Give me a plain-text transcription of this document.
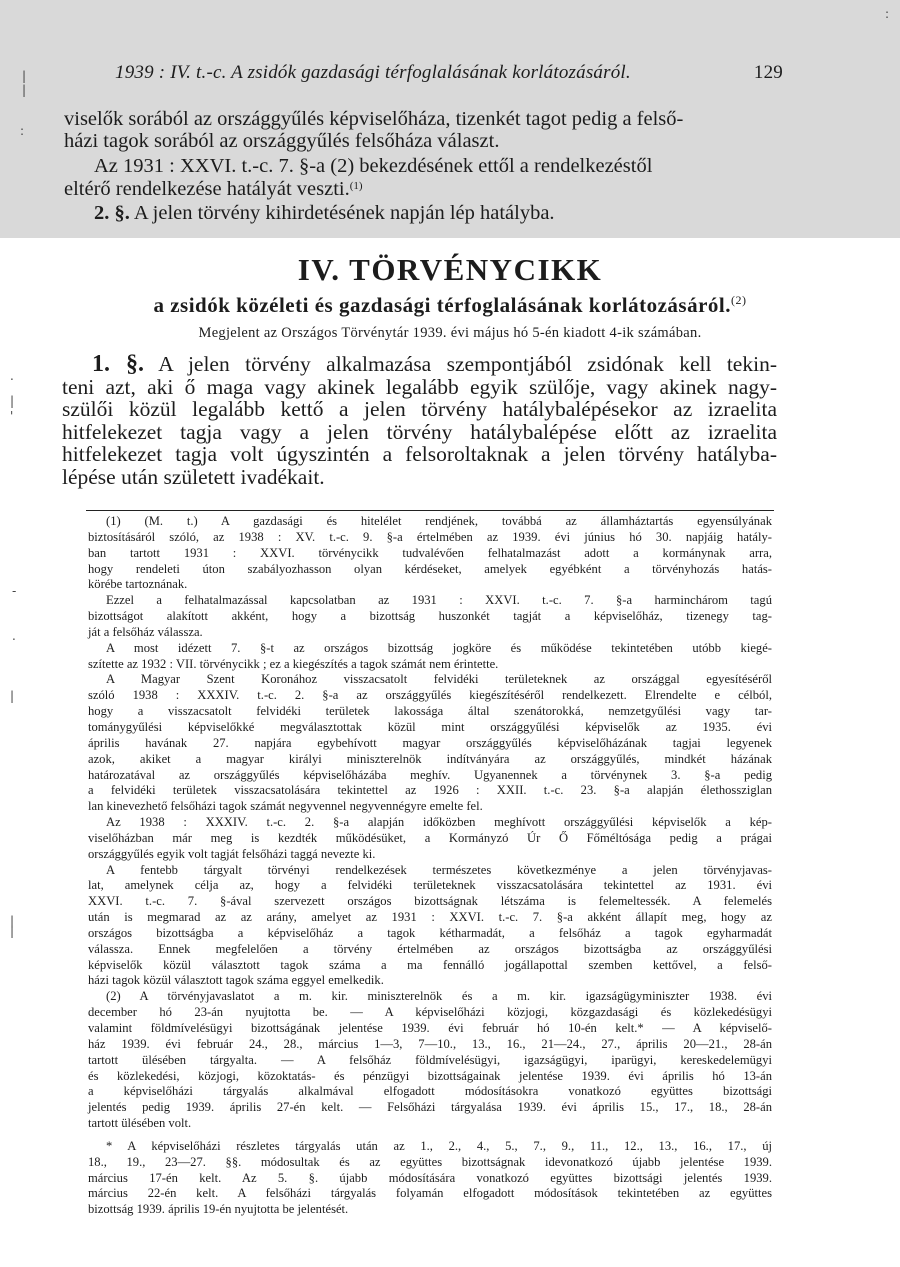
|
|
:
.
|
'
-
.
|
|
|
:
1939 : IV. t.-c. A zsidók gazdasági térfoglalásának korlátozásáról.	129

viselők sorából az országgyűlés képviselőháza, tizenkét tagot pedig a felső-

házi tagok sorából az országgyűlés felsőháza választ.

Az 1931 : XXVI. t.-c. 7. §-a (2) bekezdésének ettől a rendelkezéstől

eltérő rendelkezése hatályát veszti.$^{(1)}$

2. §. A jelen törvény kihirdetésének napján lép hatályba.

IV. TÖRVÉNYCIKK
a zsidók közéleti és gazdasági térfoglalásának korlátozásáról.$^{(2)}$
Megjelent az Országos Törvénytár 1939. évi május hó 5-én kiadott 4-ik számában.
1. §. A jelen törvény alkalmazása szempontjából zsidónak kell tekin-
teni azt, aki ő maga vagy akinek legalább egyik szülője, vagy akinek nagy-
szülői közül legalább kettő a jelen törvény hatálybalépésekor az izraelita
hitfelekezet tagja vagy a jelen törvény hatálybalépése előtt az izraelita
hitfelekezet tagja volt úgyszintén a felsoroltaknak a jelen törvény hatályba-
lépése után született ivadékait.
(1) (M. t.) A gazdasági és hitelélet rendjének, továbbá az államháztartás egyensúlyának
biztosításáról szóló, az 1938 : XV. t.-c. 9. §-a értelmében az 1939. évi június hó 30. napjáig hatály-
ban tartott 1931 : XXVI. törvénycikk tudvalévően felhatalmazást adott a kormánynak arra,
hogy rendeleti úton szabályozhasson olyan kérdéseket, amelyek egyébként a törvényhozás hatás-
körébe tartoznának.
Ezzel a felhatalmazással kapcsolatban az 1931 : XXVI. t.-c. 7. §-a harminchárom tagú
bizottságot alakított akként, hogy a bizottság huszonkét tagját a képviselőház, tizenegy tag-
ját a felsőház válassza.
A most idézett 7. §-t az országos bizottság jogköre és működése tekintetében utóbb kiegé-
szítette az 1932 : VII. törvénycikk ; ez a kiegészítés a tagok számát nem érintette.
A Magyar Szent Koronához visszacsatolt felvidéki területeknek az országgal egyesítéséről
szóló 1938 : XXXIV. t.-c. 2. §-a az országgyűlés kiegészítéséről rendelkezett. Elrendelte e célból,
hogy a visszacsatolt felvidéki területek lakossága által szenátorokká, nemzetgyűlési vagy tar-
tománygyűlési képviselőkké megválasztottak közül mint országgyűlési képviselők az 1935. évi
április havának 27. napjára egybehívott magyar országgyűlés képviselőházának tagjai legyenek
azok, akiket a magyar királyi miniszterelnök indítványára az országgyűlés, mindkét házának
határozatával az országgyűlés képviselőházába meghív. Ugyanennek a törvénynek 3. §-a pedig
a felvidéki területek visszacsatolására tekintettel az 1926 : XXII. t.-c. 23. §-a alapján élethossziglan
lan kinevezhető felsőházi tagok számát negyvennel negyvennégyre emelte fel.
Az 1938 : XXXIV. t.-c. 2. §-a alapján időközben meghívott országgyűlési képviselők a kép-
viselőházban már meg is kezdték működésüket, a Kormányzó Úr Ő Főméltósága pedig a prágai
országgyűlés egyik volt tagját felsőházi taggá nevezte ki.
A fentebb tárgyalt törvényi rendelkezések természetes következménye a jelen törvényjavas-
lat, amelynek célja az, hogy a felvidéki területeknek visszacsatolására tekintettel az 1931. évi
XXVI. t.-c. 7. §-ával szervezett országos bizottságnak létszáma is felemeltessék. A felemelés
után is megmarad az az arány, amelyet az 1931 : XXVI. t.-c. 7. §-a akként állapít meg, hogy az
országos bizottságba a képviselőház a tagok kétharmadát, a felsőház a tagok egyharmadát
válassza. Ennek megfelelően a törvény értelmében az országos bizottságba az országgyűlési
képviselők közül választott tagok száma a ma fennálló jogállapottal szemben kettővel, a felső-
házi tagok közül választott tagok száma eggyel emelkedik.
(2) A törvényjavaslatot a m. kir. miniszterelnök és a m. kir. igazságügyminiszter 1938. évi
december hó 23-án nyujtotta be. — A képviselőházi közjogi, közgazdasági és közlekedésügyi
valamint földmívelésügyi bizottságának jelentése 1939. évi február hó 10-én kelt.* — A képviselő-
ház 1939. évi február 24., 28., március 1—3, 7—10., 13., 16., 21—24., 27., április 20—21., 28-án
tartott ülésében tárgyalta. — A felsőház földmívelésügyi, igazságügyi, iparügyi, kereskedelemügyi
és közlekedési, közjogi, közoktatás- és pénzügyi bizottságainak jelentése 1939. évi április hó 13-án
a képviselőházi tárgyalás alkalmával elfogadott módosításokra vonatkozó együttes bizottsági
jelentés pedig 1939. április 27-én kelt. — Felsőházi tárgyalása 1939. évi április 15., 17., 18., 28-án
tartott ülésében volt.
* A képviselőházi részletes tárgyalás után az 1., 2., 4., 5., 7., 9., 11., 12., 13., 16., 17., új
18., 19., 23—27. §§. módosultak és az együttes bizottságnak idevonatkozó újabb jelentése 1939.
március 17-én kelt. Az 5. §. újabb módosítására vonatkozó együttes bizottsági jelentés 1939.
március 22-én kelt. A felsőházi tárgyalás folyamán elfogadott módosítások tekintetében az együttes
bizottság 1939. április 19-én nyujtotta be jelentését.
